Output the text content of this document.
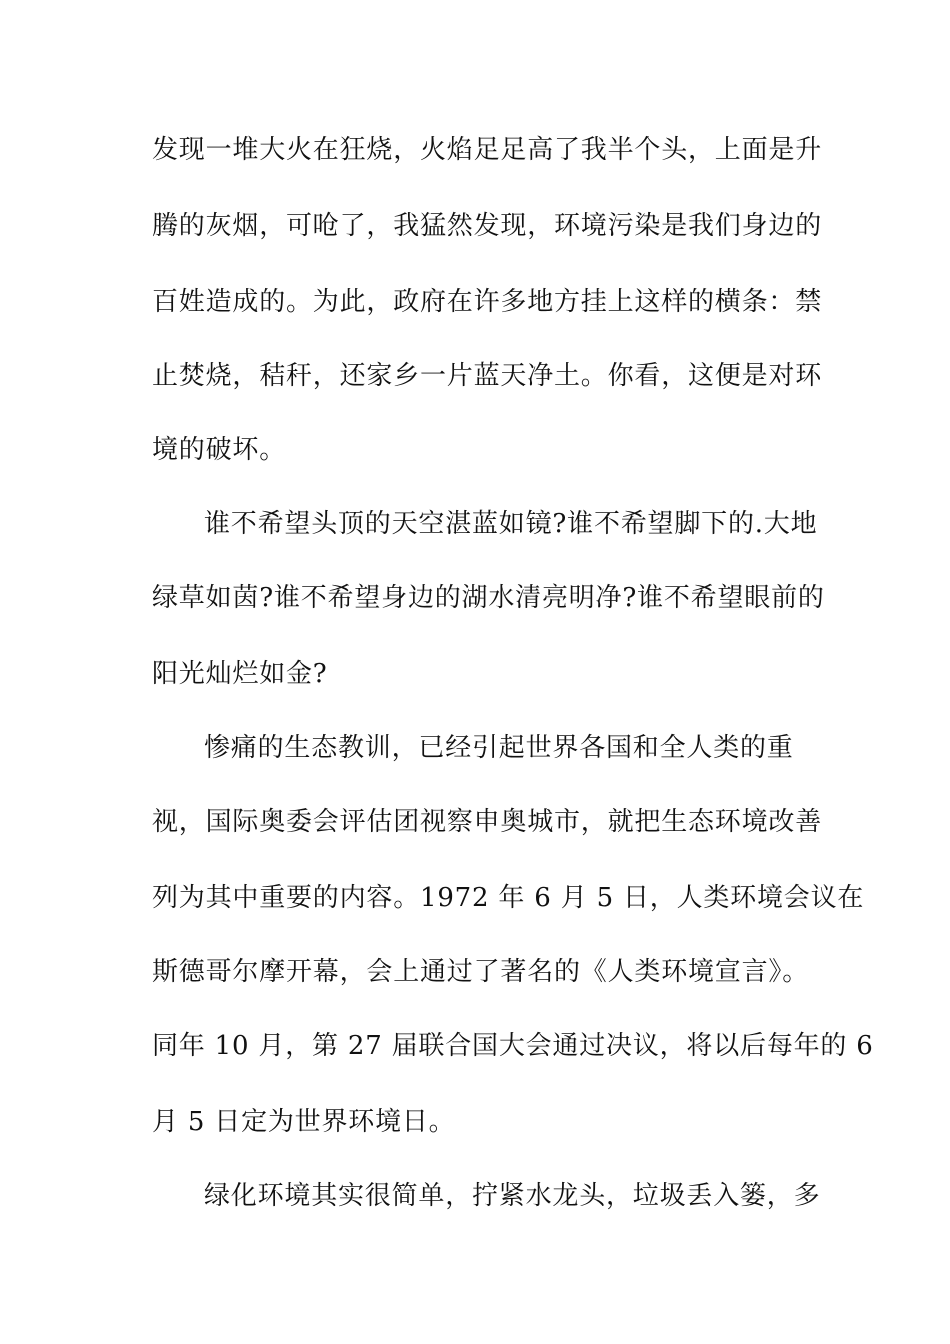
发现一堆大火在狂烧，火焰足足高了我半个头，上面是升
腾的灰烟，可呛了，我猛然发现，环境污染是我们身边的
百姓造成的。为此，政府在许多地方挂上这样的横条：禁
止焚烧，秸秆，还家乡一片蓝天净土。你看，这便是对环
境的破坏。
谁不希望头顶的天空湛蓝如镜?谁不希望脚下的.大地
绿草如茵?谁不希望身边的湖水清亮明净?谁不希望眼前的
阳光灿烂如金?
惨痛的生态教训，已经引起世界各国和全人类的重
视，国际奥委会评估团视察申奥城市，就把生态环境改善
列为其中重要的内容。1972 年 6 月 5 日，人类环境会议在
斯德哥尔摩开幕，会上通过了著名的《人类环境宣言》。
同年 10 月，第 27 届联合国大会通过决议，将以后每年的 6
月 5 日定为世界环境日。
绿化环境其实很简单，拧紧水龙头，垃圾丢入篓，多
